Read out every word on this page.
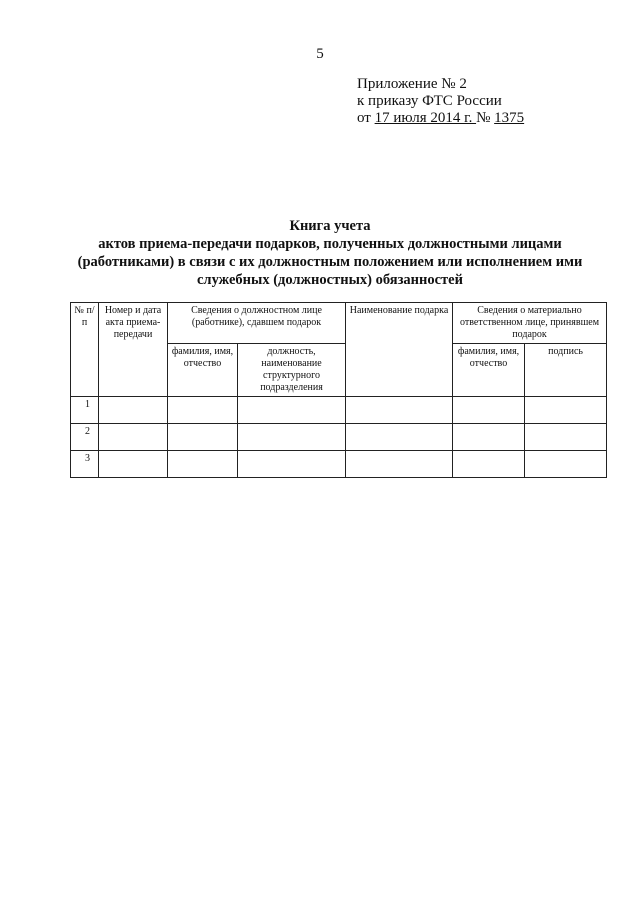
5
Приложение № 2
к приказу ФТС России
от 17 июля 2014 г. № 1375
Книга учета
актов приема-передачи подарков, полученных должностными лицами
(работниками) в связи с их должностным положением или исполнением ими
служебных (должностных) обязанностей
№ п/п	Номер и дата акта приема-передачи	Сведения о должностном лице (работнике), сдавшем подарок		Наименование подарка	Сведения о материально ответственном лице, принявшем подарок	
		фамилия, имя, отчество	должность, наименование структурного подразделения		фамилия, имя, отчество	подпись
1						
2						
3						
